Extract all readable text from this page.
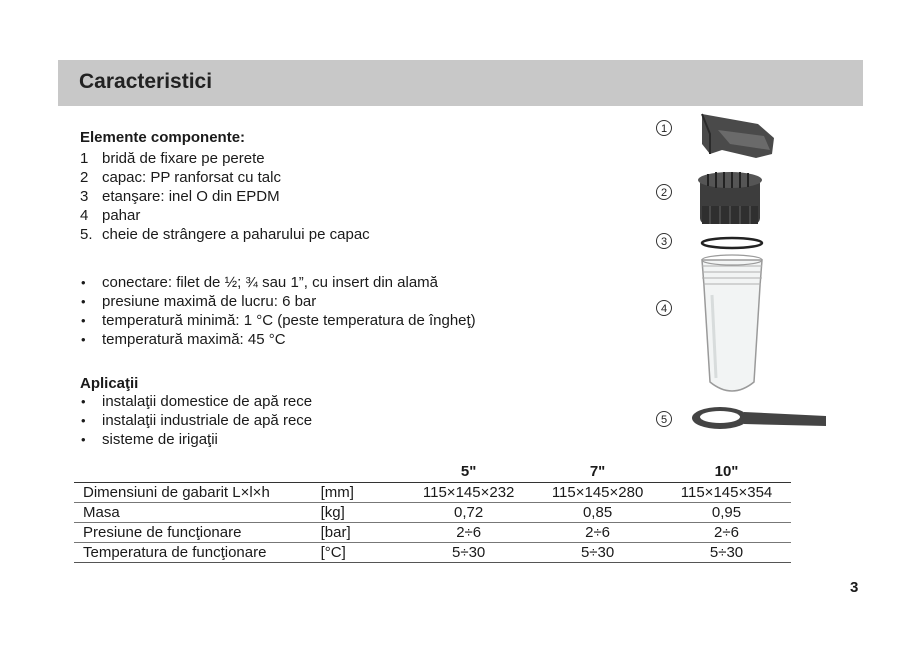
Caracteristici
Elemente componente:
1 bridă de fixare pe perete
2 capac: PP ranforsat cu talc
3 etanşare: inel O din EPDM
4 pahar
5. cheie de strângere a paharului pe capac
• conectare: filet de ½; ¾ sau 1”, cu insert din alamă
• presiune maximă de lucru: 6 bar
• temperatură minimă: 1 °C (peste temperatura de îngheţ)
• temperatură maximă: 45 °C
Aplicaţii
• instalaţii domestice de apă rece
• instalaţii industriale de apă rece
• sisteme de irigaţii
1
2
3
4
5
		5"	7"	10"
Dimensiuni de gabarit L×l×h	[mm]	115×145×232	115×145×280	115×145×354
Masa	[kg]	0,72	0,85	0,95
Presiune de funcţionare	[bar]	2÷6	2÷6	2÷6
Temperatura de funcţionare	[°C]	5÷30	5÷30	5÷30
3
